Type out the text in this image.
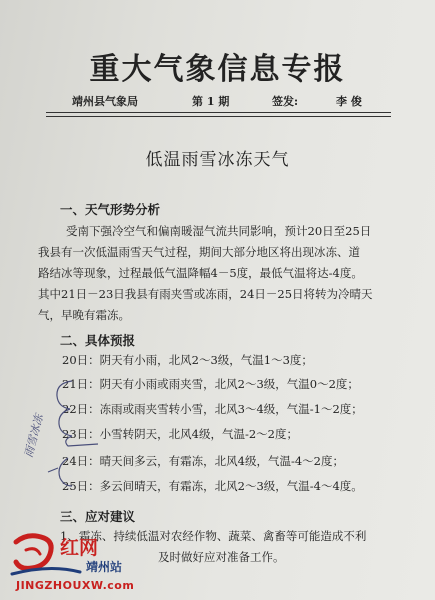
重大气象信息专报
靖州县气象局	第 1 期	签发:	李 俊
低温雨雪冰冻天气
一、天气形势分析
受南下强冷空气和偏南暖湿气流共同影响，预计20日至25日
我县有一次低温雨雪天气过程，期间大部分地区将出现冰冻、道
路结冰等现象，过程最低气温降幅4－5度，最低气温将达-4度。
其中21日－23日我县有雨夹雪或冻雨，24日－25日将转为冷晴天
气，早晚有霜冻。
二、具体预报
20日：阴天有小雨，北风2～3级，气温1～3度；
21日：阴天有小雨或雨夹雪，北风2～3级，气温0～2度；
22日：冻雨或雨夹雪转小雪，北风3～4级，气温-1～2度；
23日：小雪转阴天，北风4级，气温-2～2度；
24日：晴天间多云，有霜冻，北风4级，气温-4～2度；
25日：多云间晴天，有霜冻，北风2～3级，气温-4～4度。
雨雪冰冻
三、应对建议
1、霜冻、持续低温对农经作物、蔬菜、禽畜等可能造成不利
及时做好应对准备工作。
红网
靖州站
JINGZHOUXW.com
